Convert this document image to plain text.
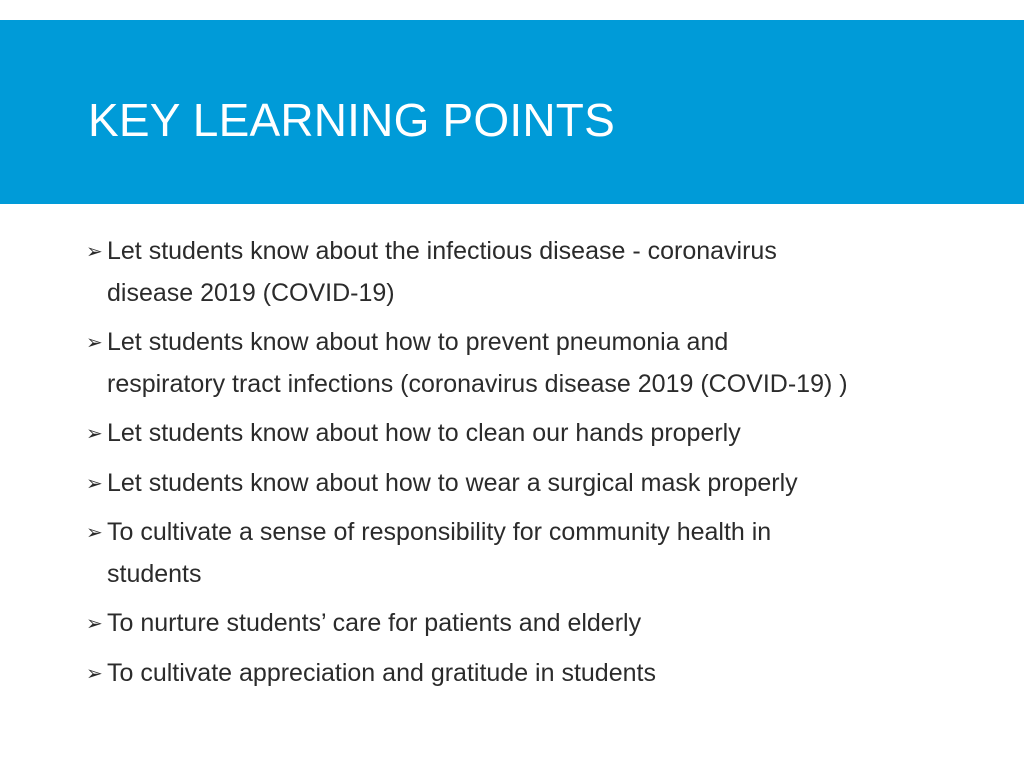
KEY LEARNING POINTS
➢ Let students know about the infectious disease - coronavirus
disease 2019 (COVID-19)
➢ Let students know about how to prevent pneumonia and
respiratory tract infections (coronavirus disease 2019 (COVID-19) )
➢ Let students know about how to clean our hands properly
➢ Let students know about how to wear a surgical mask properly
➢ To cultivate a sense of responsibility for community health in
students
➢ To nurture students’ care for patients and elderly
➢ To cultivate appreciation and gratitude in students
